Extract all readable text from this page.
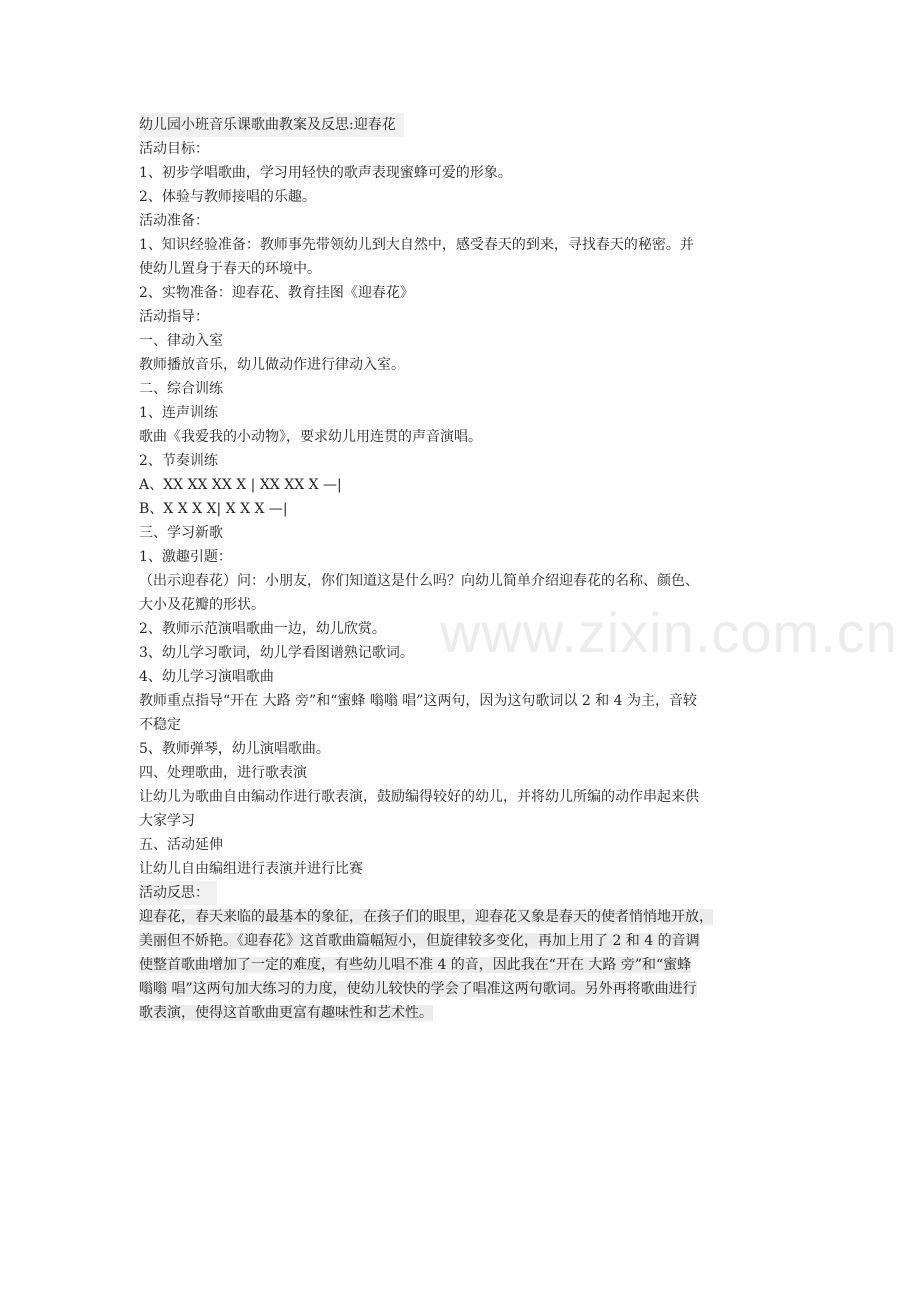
幼儿园小班音乐课歌曲教案及反思:迎春花
活动目标：
1、初步学唱歌曲，学习用轻快的歌声表现蜜蜂可爱的形象。
2、体验与教师接唱的乐趣。
活动准备：
1、知识经验准备：教师事先带领幼儿到大自然中，感受春天的到来，寻找春天的秘密。并
使幼儿置身于春天的环境中。
2、实物准备：迎春花、教育挂图《迎春花》
活动指导：
一、律动入室
教师播放音乐，幼儿做动作进行律动入室。
二、综合训练
1、连声训练
歌曲《我爱我的小动物》，要求幼儿用连贯的声音演唱。
2、节奏训练
A、XX XX XX X | XX XX X —|
B、X X X X| X X X —|
三、学习新歌
1、激趣引题：
（出示迎春花）问：小朋友，你们知道这是什么吗？向幼儿简单介绍迎春花的名称、颜色、
大小及花瓣的形状。
2、教师示范演唱歌曲一边，幼儿欣赏。
3、幼儿学习歌词，幼儿学看图谱熟记歌词。
4、幼儿学习演唱歌曲
教师重点指导“开在 大路 旁”和“蜜蜂 嗡嗡 唱”这两句，因为这句歌词以 2 和 4 为主，音较
不稳定
5、教师弹琴，幼儿演唱歌曲。
四、处理歌曲，进行歌表演
让幼儿为歌曲自由编动作进行歌表演，鼓励编得较好的幼儿，并将幼儿所编的动作串起来供
大家学习
五、活动延伸
让幼儿自由编组进行表演并进行比赛
活动反思：
迎春花，春天来临的最基本的象征，在孩子们的眼里，迎春花又象是春天的使者悄悄地开放，
美丽但不娇艳。《迎春花》这首歌曲篇幅短小，但旋律较多变化，再加上用了 2 和 4 的音调
使整首歌曲增加了一定的难度，有些幼儿唱不准 4 的音，因此我在“开在 大路 旁”和“蜜蜂
嗡嗡 唱”这两句加大练习的力度，使幼儿较快的学会了唱准这两句歌词。另外再将歌曲进行
歌表演，使得这首歌曲更富有趣味性和艺术性。
www.zixin.com.cn
